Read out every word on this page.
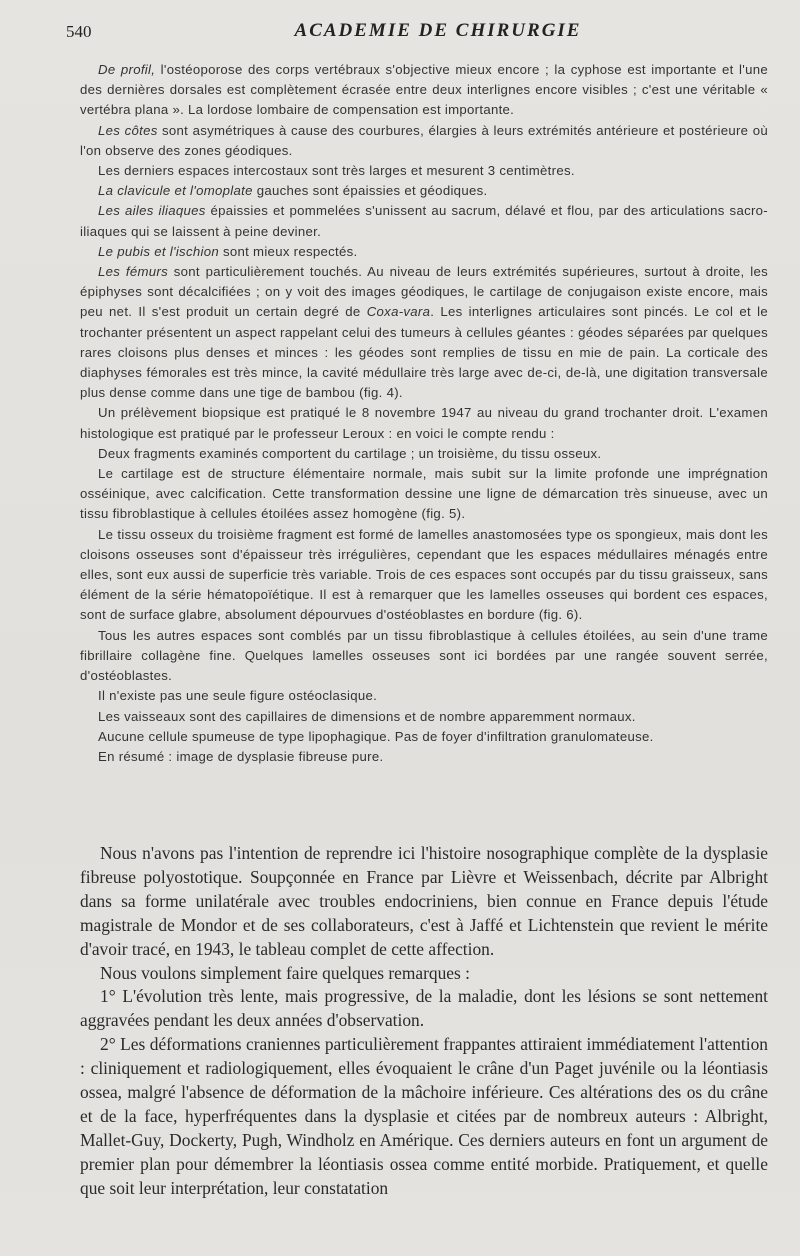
540	ACADEMIE DE CHIRURGIE

De profil, l'ostéoporose des corps vertébraux s'objective mieux encore ; la cyphose est importante et l'une des dernières dorsales est complètement écrasée entre deux interlignes encore visibles ; c'est une véritable « vertébra plana ». La lordose lombaire de compensation est importante.

Les côtes sont asymétriques à cause des courbures, élargies à leurs extrémités antérieure et postérieure où l'on observe des zones géodiques.

Les derniers espaces intercostaux sont très larges et mesurent 3 centimètres.

La clavicule et l'omoplate gauches sont épaissies et géodiques.

Les ailes iliaques épaissies et pommelées s'unissent au sacrum, délavé et flou, par des articulations sacro-iliaques qui se laissent à peine deviner.

Le pubis et l'ischion sont mieux respectés.

Les fémurs sont particulièrement touchés. Au niveau de leurs extrémités supérieures, surtout à droite, les épiphyses sont décalcifiées ; on y voit des images géodiques, le cartilage de conjugaison existe encore, mais peu net. Il s'est produit un certain degré de Coxa-vara. Les interlignes articulaires sont pincés. Le col et le trochanter présentent un aspect rappelant celui des tumeurs à cellules géantes : géodes séparées par quelques rares cloisons plus denses et minces : les géodes sont remplies de tissu en mie de pain. La corticale des diaphyses fémorales est très mince, la cavité médullaire très large avec de-ci, de-là, une digitation transversale plus dense comme dans une tige de bambou (fig. 4).

Un prélèvement biopsique est pratiqué le 8 novembre 1947 au niveau du grand trochanter droit. L'examen histologique est pratiqué par le professeur Leroux : en voici le compte rendu :

Deux fragments examinés comportent du cartilage ; un troisième, du tissu osseux.

Le cartilage est de structure élémentaire normale, mais subit sur la limite profonde une imprégnation osséinique, avec calcification. Cette transformation dessine une ligne de démarcation très sinueuse, avec un tissu fibroblastique à cellules étoilées assez homogène (fig. 5).

Le tissu osseux du troisième fragment est formé de lamelles anastomosées type os spongieux, mais dont les cloisons osseuses sont d'épaisseur très irrégulières, cependant que les espaces médullaires ménagés entre elles, sont eux aussi de superficie très variable. Trois de ces espaces sont occupés par du tissu graisseux, sans élément de la série hématopoïétique. Il est à remarquer que les lamelles osseuses qui bordent ces espaces, sont de surface glabre, absolument dépourvues d'ostéoblastes en bordure (fig. 6).

Tous les autres espaces sont comblés par un tissu fibroblastique à cellules étoilées, au sein d'une trame fibrillaire collagène fine. Quelques lamelles osseuses sont ici bordées par une rangée souvent serrée, d'ostéoblastes.

Il n'existe pas une seule figure ostéoclasique.

Les vaisseaux sont des capillaires de dimensions et de nombre apparemment normaux.

Aucune cellule spumeuse de type lipophagique. Pas de foyer d'infiltration granulomateuse.

En résumé : image de dysplasie fibreuse pure.

Nous n'avons pas l'intention de reprendre ici l'histoire nosographique complète de la dysplasie fibreuse polyostotique. Soupçonnée en France par Lièvre et Weissenbach, décrite par Albright dans sa forme unilatérale avec troubles endocriniens, bien connue en France depuis l'étude magistrale de Mondor et de ses collaborateurs, c'est à Jaffé et Lichtenstein que revient le mérite d'avoir tracé, en 1943, le tableau complet de cette affection.

Nous voulons simplement faire quelques remarques :

1° L'évolution très lente, mais progressive, de la maladie, dont les lésions se sont nettement aggravées pendant les deux années d'observation.

2° Les déformations craniennes particulièrement frappantes attiraient immédiatement l'attention : cliniquement et radiologiquement, elles évoquaient le crâne d'un Paget juvénile ou la léontiasis ossea, malgré l'absence de déformation de la mâchoire inférieure. Ces altérations des os du crâne et de la face, hyperfréquentes dans la dysplasie et citées par de nombreux auteurs : Albright, Mallet-Guy, Dockerty, Pugh, Windholz en Amérique. Ces derniers auteurs en font un argument de premier plan pour démembrer la léontiasis ossea comme entité morbide. Pratiquement, et quelle que soit leur interprétation, leur constatation
